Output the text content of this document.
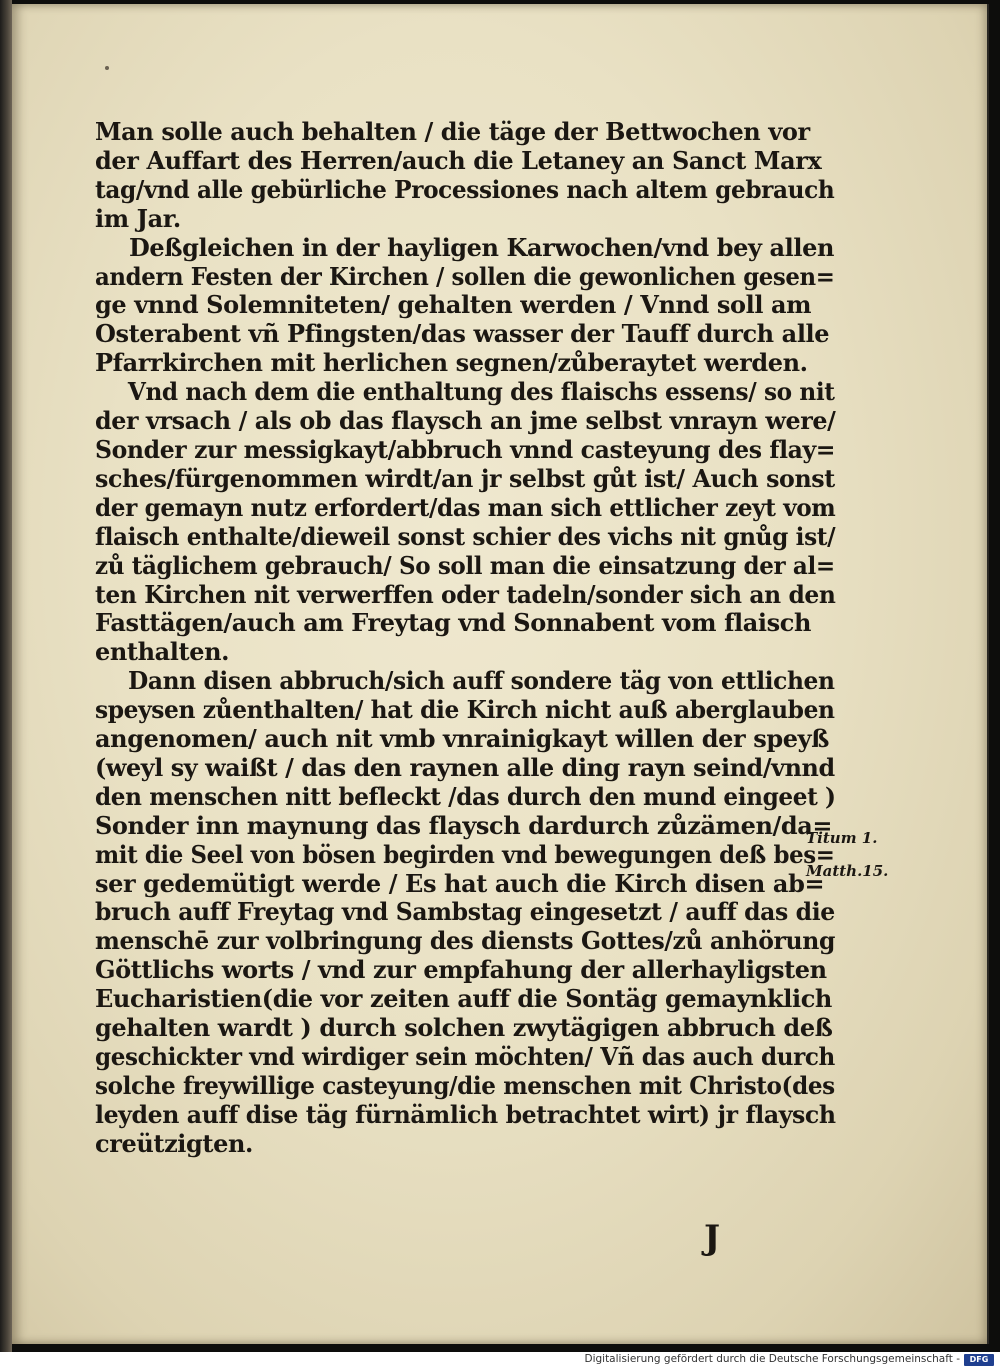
Man solle auch behalten / die täge der Bettwochen vor
der Auffart des Herren/auch die Letaney an Sanct Marx
tag/vnd alle gebürliche Processiones nach altem gebrauch
im Jar.
Deßgleichen in der hayligen Karwochen/vnd bey allen
andern Festen der Kirchen / sollen die gewonlichen gesen=
ge vnnd Solemniteten/ gehalten werden / Vnnd soll am
Osterabent vñ Pfingsten/das wasser der Tauff durch alle
Pfarrkirchen mit herlichen segnen/zůberaytet werden.
Vnd nach dem die enthaltung des flaischs essens/ so nit
der vrsach / als ob das flaysch an jme selbst vnrayn were/
Sonder zur messigkayt/abbruch vnnd casteyung des flay=
sches/fürgenommen wirdt/an jr selbst gůt ist/ Auch sonst
der gemayn nutz erfordert/das man sich ettlicher zeyt vom
flaisch enthalte/dieweil sonst schier des vichs nit gnůg ist/
zů täglichem gebrauch/ So soll man die einsatzung der al=
ten Kirchen nit verwerffen oder tadeln/sonder sich an den
Fasttägen/auch am Freytag vnd Sonnabent vom flaisch
enthalten.
Dann disen abbruch/sich auff sondere täg von ettlichen
speysen zůenthalten/ hat die Kirch nicht auß aberglauben
angenomen/ auch nit vmb vnrainigkayt willen der speyß
(weyl sy waißt / das den raynen alle ding rayn seind/vnnd
den menschen nitt befleckt /das durch den mund eingeet )
Sonder inn maynung das flaysch dardurch zůzämen/da=
mit die Seel von bösen begirden vnd bewegungen deß bes=
ser gedemütigt werde / Es hat auch die Kirch disen ab=
bruch auff Freytag vnd Sambstag eingesetzt / auff das die
menschē zur volbringung des diensts Gottes/zů anhörung
Göttlichs worts / vnd zur empfahung der allerhayligsten
Eucharistien(die vor zeiten auff die Sontäg gemaynklich
gehalten wardt ) durch solchen zwytägigen abbruch deß
geschickter vnd wirdiger sein möchten/ Vñ das auch durch
solche freywillige casteyung/die menschen mit Christo(des
leyden auff dise täg fürnämlich betrachtet wirt) jr flaysch
creützigten.
Titum 1.
Matth.15.
J
Digitalisierung gefördert durch die Deutsche Forschungsgemeinschaft -	DFG
